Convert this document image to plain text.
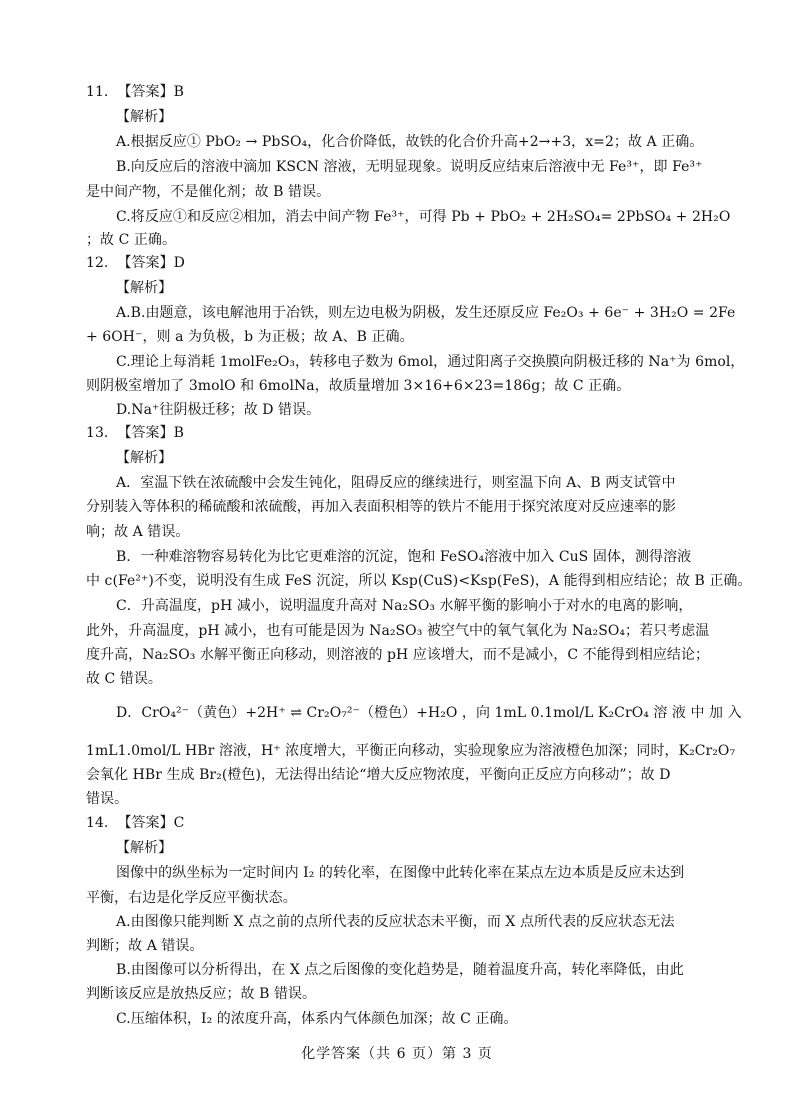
11. 【答案】B
【解析】
A.根据反应① PbO₂ → PbSO₄，化合价降低，故铁的化合价升高+2→+3，x=2；故 A 正确。
B.向反应后的溶液中滴加 KSCN 溶液，无明显现象。说明反应结束后溶液中无 Fe³⁺，即 Fe³⁺
是中间产物，不是催化剂；故 B 错误。
C.将反应①和反应②相加，消去中间产物 Fe³⁺，可得 Pb + PbO₂ + 2H₂SO₄= 2PbSO₄ + 2H₂O
；故 C 正确。
12. 【答案】D
【解析】
A.B.由题意，该电解池用于冶铁，则左边电极为阴极，发生还原反应 Fe₂O₃ + 6e⁻ + 3H₂O = 2Fe
+ 6OH⁻，则 a 为负极，b 为正极；故 A、B 正确。
C.理论上每消耗 1molFe₂O₃，转移电子数为 6mol，通过阳离子交换膜向阴极迁移的 Na⁺为 6mol，
则阴极室增加了 3molO 和 6molNa，故质量增加 3×16+6×23=186g；故 C 正确。
D.Na⁺往阴极迁移；故 D 错误。
13. 【答案】B
【解析】
A．室温下铁在浓硫酸中会发生钝化，阻碍反应的继续进行，则室温下向 A、B 两支试管中
分别装入等体积的稀硫酸和浓硫酸，再加入表面积相等的铁片不能用于探究浓度对反应速率的影
响；故 A 错误。
B．一种难溶物容易转化为比它更难溶的沉淀，饱和 FeSO₄溶液中加入 CuS 固体，测得溶液
中 c(Fe²⁺)不变，说明没有生成 FeS 沉淀，所以 Ksp(CuS)<Ksp(FeS)，A 能得到相应结论；故 B 正确。
C．升高温度，pH 减小，说明温度升高对 Na₂SO₃ 水解平衡的影响小于对水的电离的影响，
此外，升高温度，pH 减小，也有可能是因为 Na₂SO₃ 被空气中的氧气氧化为 Na₂SO₄；若只考虑温
度升高，Na₂SO₃ 水解平衡正向移动，则溶液的 pH 应该增大，而不是减小，C 不能得到相应结论；
故 C 错误。
D．CrO₄²⁻（黄色）+2H⁺ ⇌ Cr₂O₇²⁻（橙色）+H₂O ，向 1mL 0.1mol/L K₂CrO₄ 溶 液 中 加 入
1mL1.0mol/L HBr 溶液，H⁺ 浓度增大，平衡正向移动，实验现象应为溶液橙色加深；同时，K₂Cr₂O₇
会氧化 HBr 生成 Br₂(橙色)，无法得出结论“增大反应物浓度，平衡向正反应方向移动”；故 D
错误。
14. 【答案】C
【解析】
图像中的纵坐标为一定时间内 I₂ 的转化率，在图像中此转化率在某点左边本质是反应未达到
平衡，右边是化学反应平衡状态。
A.由图像只能判断 X 点之前的点所代表的反应状态未平衡，而 X 点所代表的反应状态无法
判断；故 A 错误。
B.由图像可以分析得出，在 X 点之后图像的变化趋势是，随着温度升高，转化率降低，由此
判断该反应是放热反应；故 B 错误。
C.压缩体积，I₂ 的浓度升高，体系内气体颜色加深；故 C 正确。
化学答案（共 6 页）第 3 页
